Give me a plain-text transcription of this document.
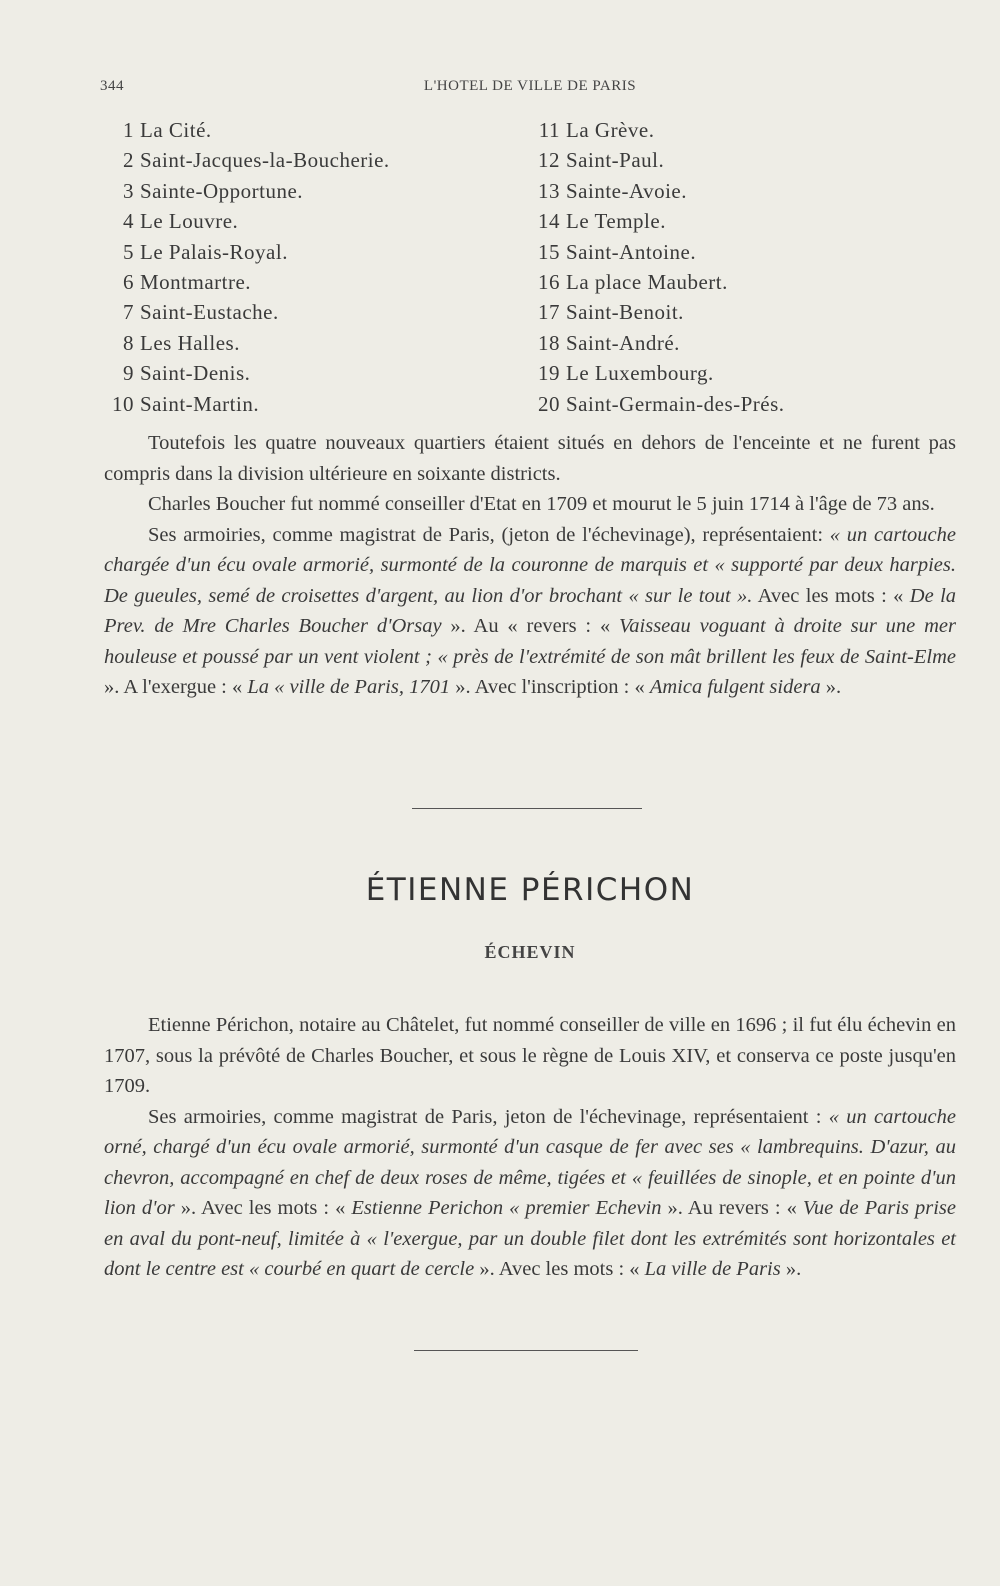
344	L'HOTEL DE VILLE DE PARIS
1 La Cité.	11 La Grève.
2 Saint-Jacques-la-Boucherie.	12 Saint-Paul.
3 Sainte-Opportune.	13 Sainte-Avoie.
4 Le Louvre.	14 Le Temple.
5 Le Palais-Royal.	15 Saint-Antoine.
6 Montmartre.	16 La place Maubert.
7 Saint-Eustache.	17 Saint-Benoit.
8 Les Halles.	18 Saint-André.
9 Saint-Denis.	19 Le Luxembourg.
10 Saint-Martin.	20 Saint-Germain-des-Prés.

Toutefois les quatre nouveaux quartiers étaient situés en dehors de l'enceinte et ne furent pas compris dans la division ultérieure en soixante districts.

Charles Boucher fut nommé conseiller d'Etat en 1709 et mourut le 5 juin 1714 à l'âge de 73 ans.

Ses armoiries, comme magistrat de Paris, (jeton de l'échevinage), représentaient: « un cartouche chargée d'un écu ovale armorié, surmonté de la couronne de marquis et « supporté par deux harpies. De gueules, semé de croisettes d'argent, au lion d'or brochant « sur le tout ». Avec les mots : « De la Prev. de Mre Charles Boucher d'Orsay ». Au « revers : « Vaisseau voguant à droite sur une mer houleuse et poussé par un vent violent ; « près de l'extrémité de son mât brillent les feux de Saint-Elme ». A l'exergue : « La « ville de Paris, 1701 ». Avec l'inscription : « Amica fulgent sidera ».

ÉTIENNE PÉRICHON
ÉCHEVIN

Etienne Périchon, notaire au Châtelet, fut nommé conseiller de ville en 1696 ; il fut élu échevin en 1707, sous la prévôté de Charles Boucher, et sous le règne de Louis XIV, et conserva ce poste jusqu'en 1709.

Ses armoiries, comme magistrat de Paris, jeton de l'échevinage, représentaient : « un cartouche orné, chargé d'un écu ovale armorié, surmonté d'un casque de fer avec ses « lambrequins. D'azur, au chevron, accompagné en chef de deux roses de même, tigées et « feuillées de sinople, et en pointe d'un lion d'or ». Avec les mots : « Estienne Perichon « premier Echevin ». Au revers : « Vue de Paris prise en aval du pont-neuf, limitée à « l'exergue, par un double filet dont les extrémités sont horizontales et dont le centre est « courbé en quart de cercle ». Avec les mots : « La ville de Paris ».
